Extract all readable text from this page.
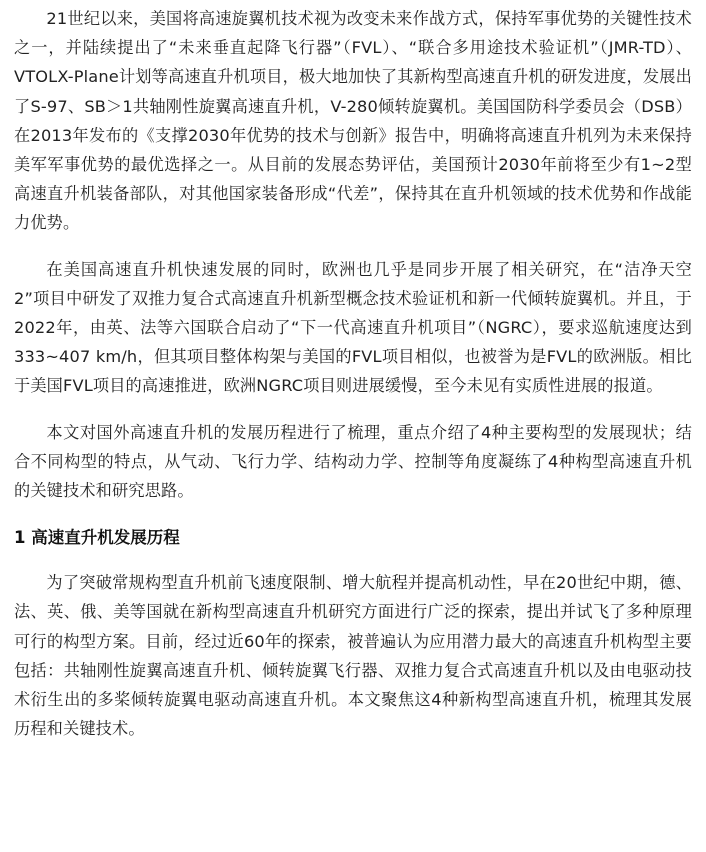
21世纪以来，美国将高速旋翼机技术视为改变未来作战方式，保持军事优势的关键性技术之一，并陆续提出了“未来垂直起降飞行器”（FVL）、“联合多用途技术验证机”（JMR-TD）、VTOLX-Plane计划等高速直升机项目，极大地加快了其新构型高速直升机的研发进度，发展出了S-97、SB＞1共轴刚性旋翼高速直升机，V-280倾转旋翼机。美国国防科学委员会（DSB）在2013年发布的《支撑2030年优势的技术与创新》报告中，明确将高速直升机列为未来保持美军军事优势的最优选择之一。从目前的发展态势评估，美国预计2030年前将至少有1~2型高速直升机装备部队，对其他国家装备形成“代差”，保持其在直升机领域的技术优势和作战能力优势。

在美国高速直升机快速发展的同时，欧洲也几乎是同步开展了相关研究，在“洁净天空2”项目中研发了双推力复合式高速直升机新型概念技术验证机和新一代倾转旋翼机。并且，于2022年，由英、法等六国联合启动了“下一代高速直升机项目”（NGRC），要求巡航速度达到333~407 km/h，但其项目整体构架与美国的FVL项目相似，也被誉为是FVL的欧洲版。相比于美国FVL项目的高速推进，欧洲NGRC项目则进展缓慢，至今未见有实质性进展的报道。

本文对国外高速直升机的发展历程进行了梳理，重点介绍了4种主要构型的发展现状；结合不同构型的特点，从气动、飞行力学、结构动力学、控制等角度凝练了4种构型高速直升机的关键技术和研究思路。

1 高速直升机发展历程

为了突破常规构型直升机前飞速度限制、增大航程并提高机动性，早在20世纪中期，德、法、英、俄、美等国就在新构型高速直升机研究方面进行广泛的探索，提出并试飞了多种原理可行的构型方案。目前，经过近60年的探索，被普遍认为应用潜力最大的高速直升机构型主要包括：共轴刚性旋翼高速直升机、倾转旋翼飞行器、双推力复合式高速直升机以及由电驱动技术衍生出的多桨倾转旋翼电驱动高速直升机。本文聚焦这4种新构型高速直升机，梳理其发展历程和关键技术。
